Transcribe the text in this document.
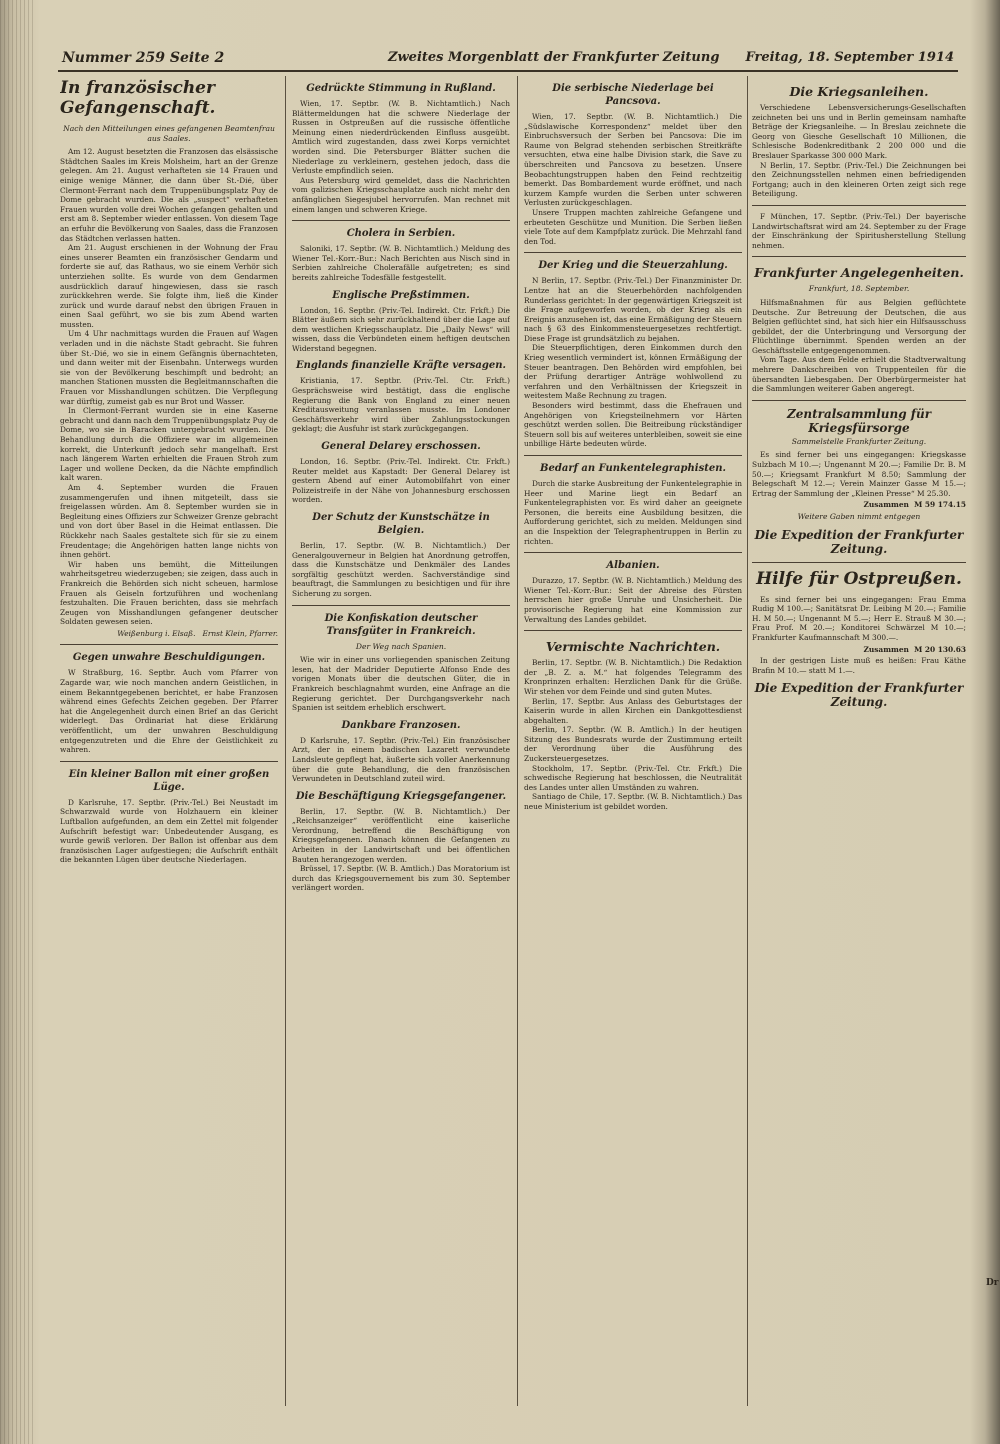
Nummer 259 Seite 2	Zweites Morgenblatt der Frankfurter Zeitung Freitag, 18. September 1914
In französischer Gefangenschaft.
Nach den Mitteilungen eines gefangenen Beamtenfrau aus Saales.

Am 12. August besetzten die Franzosen das elsässische Städtchen Saales im Kreis Molsheim, hart an der Grenze gelegen. Am 21. August verhafteten sie 14 Frauen und einige wenige Männer, die dann über St.-Dié, über Clermont-Ferrant nach dem Truppenübungsplatz Puy de Dome gebracht wurden. Die als „suspect“ verhafteten Frauen wurden volle drei Wochen gefangen gehalten und erst am 8. September wieder entlassen. Von diesem Tage an erfuhr die Bevölkerung von Saales, dass die Franzosen das Städtchen verlassen hatten.

Am 21. August erschienen in der Wohnung der Frau eines unserer Beamten ein französischer Gendarm und forderte sie auf, das Rathaus, wo sie einem Verhör sich unterziehen sollte. Es wurde von dem Gendarmen ausdrücklich darauf hingewiesen, dass sie rasch zurückkehren werde. Sie folgte ihm, ließ die Kinder zurück und wurde darauf nebst den übrigen Frauen in einen Saal geführt, wo sie bis zum Abend warten mussten.

Um 4 Uhr nachmittags wurden die Frauen auf Wagen verladen und in die nächste Stadt gebracht. Sie fuhren über St.-Dié, wo sie in einem Gefängnis übernachteten, und dann weiter mit der Eisenbahn. Unterwegs wurden sie von der Bevölkerung beschimpft und bedroht; an manchen Stationen mussten die Begleitmannschaften die Frauen vor Misshandlungen schützen. Die Verpflegung war dürftig, zumeist gab es nur Brot und Wasser.

In Clermont-Ferrant wurden sie in eine Kaserne gebracht und dann nach dem Truppenübungsplatz Puy de Dome, wo sie in Baracken untergebracht wurden. Die Behandlung durch die Offiziere war im allgemeinen korrekt, die Unterkunft jedoch sehr mangelhaft. Erst nach längerem Warten erhielten die Frauen Stroh zum Lager und wollene Decken, da die Nächte empfindlich kalt waren.

Am 4. September wurden die Frauen zusammengerufen und ihnen mitgeteilt, dass sie freigelassen würden. Am 8. September wurden sie in Begleitung eines Offiziers zur Schweizer Grenze gebracht und von dort über Basel in die Heimat entlassen. Die Rückkehr nach Saales gestaltete sich für sie zu einem Freudentage; die Angehörigen hatten lange nichts von ihnen gehört.

Wir haben uns bemüht, die Mitteilungen wahrheitsgetreu wiederzugeben; sie zeigen, dass auch in Frankreich die Behörden sich nicht scheuen, harmlose Frauen als Geiseln fortzuführen und wochenlang festzuhalten. Die Frauen berichten, dass sie mehrfach Zeugen von Misshandlungen gefangener deutscher Soldaten gewesen seien.

Weißenburg i. Elsaß. Ernst Klein, Pfarrer.
Gegen unwahre Beschuldigungen.

W Straßburg, 16. Septbr. Auch vom Pfarrer von Zagarde war, wie noch manchen andern Geistlichen, in einem Bekanntgegebenen berichtet, er habe Franzosen während eines Gefechts Zeichen gegeben. Der Pfarrer hat die Angelegenheit durch einen Brief an das Gericht widerlegt. Das Ordinariat hat diese Erklärung veröffentlicht, um der unwahren Beschuldigung entgegenzutreten und die Ehre der Geistlichkeit zu wahren.

Ein kleiner Ballon mit einer großen Lüge.

D Karlsruhe, 17. Septbr. (Priv.-Tel.) Bei Neustadt im Schwarzwald wurde von Holzhauern ein kleiner Luftballon aufgefunden, an dem ein Zettel mit folgender Aufschrift befestigt war: Unbedeutender Ausgang, es wurde gewiß verloren. Der Ballon ist offenbar aus dem französischen Lager aufgestiegen; die Aufschrift enthält die bekannten Lügen über deutsche Niederlagen.

Gedrückte Stimmung in Rußland.

Wien, 17. Septbr. (W. B. Nichtamtlich.) Nach Blättermeldungen hat die schwere Niederlage der Russen in Ostpreußen auf die russische öffentliche Meinung einen niederdrückenden Einfluss ausgeübt. Amtlich wird zugestanden, dass zwei Korps vernichtet worden sind. Die Petersburger Blätter suchen die Niederlage zu verkleinern, gestehen jedoch, dass die Verluste empfindlich seien.

Aus Petersburg wird gemeldet, dass die Nachrichten vom galizischen Kriegsschauplatze auch nicht mehr den anfänglichen Siegesjubel hervorrufen. Man rechnet mit einem langen und schweren Kriege.

Cholera in Serbien.

Saloniki, 17. Septbr. (W. B. Nichtamtlich.) Meldung des Wiener Tel.-Korr.-Bur.: Nach Berichten aus Nisch sind in Serbien zahlreiche Cholerafälle aufgetreten; es sind bereits zahlreiche Todesfälle festgestellt.

Englische Preßstimmen.

London, 16. Septbr. (Priv.-Tel. Indirekt. Ctr. Frkft.) Die Blätter äußern sich sehr zurückhaltend über die Lage auf dem westlichen Kriegsschauplatz. Die „Daily News“ will wissen, dass die Verbündeten einem heftigen deutschen Widerstand begegnen.

Englands finanzielle Kräfte versagen.

Kristiania, 17. Septbr. (Priv.-Tel. Ctr. Frkft.) Gesprächsweise wird bestätigt, dass die englische Regierung die Bank von England zu einer neuen Kreditausweitung veranlassen musste. Im Londoner Geschäftsverkehr wird über Zahlungsstockungen geklagt; die Ausfuhr ist stark zurückgegangen.

General Delarey erschossen.

London, 16. Septbr. (Priv.-Tel. Indirekt. Ctr. Frkft.) Reuter meldet aus Kapstadt: Der General Delarey ist gestern Abend auf einer Automobilfahrt von einer Polizeistreife in der Nähe von Johannesburg erschossen worden.

Der Schutz der Kunstschätze in Belgien.

Berlin, 17. Septbr. (W. B. Nichtamtlich.) Der Generalgouverneur in Belgien hat Anordnung getroffen, dass die Kunstschätze und Denkmäler des Landes sorgfältig geschützt werden. Sachverständige sind beauftragt, die Sammlungen zu besichtigen und für ihre Sicherung zu sorgen.

Die Konfiskation deutscher Transfgüter in Frankreich.
Der Weg nach Spanien.

Wie wir in einer uns vorliegenden spanischen Zeitung lesen, hat der Madrider Deputierte Alfonso Ende des vorigen Monats über die deutschen Güter, die in Frankreich beschlagnahmt wurden, eine Anfrage an die Regierung gerichtet. Der Durchgangsverkehr nach Spanien ist seitdem erheblich erschwert.

Dankbare Franzosen.

D Karlsruhe, 17. Septbr. (Priv.-Tel.) Ein französischer Arzt, der in einem badischen Lazarett verwundete Landsleute gepflegt hat, äußerte sich voller Anerkennung über die gute Behandlung, die den französischen Verwundeten in Deutschland zuteil wird.

Die Beschäftigung Kriegsgefangener.

Berlin, 17. Septbr. (W. B. Nichtamtlich.) Der „Reichsanzeiger“ veröffentlicht eine kaiserliche Verordnung, betreffend die Beschäftigung von Kriegsgefangenen. Danach können die Gefangenen zu Arbeiten in der Landwirtschaft und bei öffentlichen Bauten herangezogen werden.

Brüssel, 17. Septbr. (W. B. Amtlich.) Das Moratorium ist durch das Kriegsgouvernement bis zum 30. September verlängert worden.

Die serbische Niederlage bei Pancsova.

Wien, 17. Septbr. (W. B. Nichtamtlich.) Die „Südslawische Korrespondenz“ meldet über den Einbruchsversuch der Serben bei Pancsova: Die im Raume von Belgrad stehenden serbischen Streitkräfte versuchten, etwa eine halbe Division stark, die Save zu überschreiten und Pancsova zu besetzen. Unsere Beobachtungstruppen haben den Feind rechtzeitig bemerkt. Das Bombardement wurde eröffnet, und nach kurzem Kampfe wurden die Serben unter schweren Verlusten zurückgeschlagen.

Unsere Truppen machten zahlreiche Gefangene und erbeuteten Geschütze und Munition. Die Serben ließen viele Tote auf dem Kampfplatz zurück. Die Mehrzahl fand den Tod.

Der Krieg und die Steuerzahlung.

N Berlin, 17. Septbr. (Priv.-Tel.) Der Finanzminister Dr. Lentze hat an die Steuerbehörden nachfolgenden Runderlass gerichtet: In der gegenwärtigen Kriegszeit ist die Frage aufgeworfen worden, ob der Krieg als ein Ereignis anzusehen ist, das eine Ermäßigung der Steuern nach § 63 des Einkommensteuergesetzes rechtfertigt. Diese Frage ist grundsätzlich zu bejahen.

Die Steuerpflichtigen, deren Einkommen durch den Krieg wesentlich vermindert ist, können Ermäßigung der Steuer beantragen. Den Behörden wird empfohlen, bei der Prüfung derartiger Anträge wohlwollend zu verfahren und den Verhältnissen der Kriegszeit in weitestem Maße Rechnung zu tragen.

Besonders wird bestimmt, dass die Ehefrauen und Angehörigen von Kriegsteilnehmern vor Härten geschützt werden sollen. Die Beitreibung rückständiger Steuern soll bis auf weiteres unterbleiben, soweit sie eine unbillige Härte bedeuten würde.

Bedarf an Funkentelegraphisten.

Durch die starke Ausbreitung der Funkentelegraphie in Heer und Marine liegt ein Bedarf an Funkentelegraphisten vor. Es wird daher an geeignete Personen, die bereits eine Ausbildung besitzen, die Aufforderung gerichtet, sich zu melden. Meldungen sind an die Inspektion der Telegraphentruppen in Berlin zu richten.

Albanien.

Durazzo, 17. Septbr. (W. B. Nichtamtlich.) Meldung des Wiener Tel.-Korr.-Bur.: Seit der Abreise des Fürsten herrschen hier große Unruhe und Unsicherheit. Die provisorische Regierung hat eine Kommission zur Verwaltung des Landes gebildet.

Vermischte Nachrichten.

Berlin, 17. Septbr. (W. B. Nichtamtlich.) Die Redaktion der „B. Z. a. M.“ hat folgendes Telegramm des Kronprinzen erhalten: Herzlichen Dank für die Grüße. Wir stehen vor dem Feinde und sind guten Mutes.

Berlin, 17. Septbr. Aus Anlass des Geburtstages der Kaiserin wurde in allen Kirchen ein Dankgottesdienst abgehalten.

Berlin, 17. Septbr. (W. B. Amtlich.) In der heutigen Sitzung des Bundesrats wurde der Zustimmung erteilt der Verordnung über die Ausführung des Zuckersteuergesetzes.

Stockholm, 17. Septbr. (Priv.-Tel. Ctr. Frkft.) Die schwedische Regierung hat beschlossen, die Neutralität des Landes unter allen Umständen zu wahren.

Santiago de Chile, 17. Septbr. (W. B. Nichtamtlich.) Das neue Ministerium ist gebildet worden.

Die Kriegsanleihen.

Verschiedene Lebensversicherungs-Gesellschaften zeichneten bei uns und in Berlin gemeinsam namhafte Beträge der Kriegsanleihe. — In Breslau zeichnete die Georg von Giesche Gesellschaft 10 Millionen, die Schlesische Bodenkreditbank 2 200 000 und die Breslauer Sparkasse 300 000 Mark.

N Berlin, 17. Septbr. (Priv.-Tel.) Die Zeichnungen bei den Zeichnungsstellen nehmen einen befriedigenden Fortgang; auch in den kleineren Orten zeigt sich rege Beteiligung.

F München, 17. Septbr. (Priv.-Tel.) Der bayerische Landwirtschaftsrat wird am 24. September zu der Frage der Einschränkung der Spiritusherstellung Stellung nehmen.

Frankfurter Angelegenheiten.
Frankfurt, 18. September.

Hilfsmaßnahmen für aus Belgien geflüchtete Deutsche. Zur Betreuung der Deutschen, die aus Belgien geflüchtet sind, hat sich hier ein Hilfsausschuss gebildet, der die Unterbringung und Versorgung der Flüchtlinge übernimmt. Spenden werden an der Geschäftsstelle entgegengenommen.

Vom Tage. Aus dem Felde erhielt die Stadtverwaltung mehrere Dankschreiben von Truppenteilen für die übersandten Liebesgaben. Der Oberbürgermeister hat die Sammlungen weiterer Gaben angeregt.

Zentralsammlung für Kriegsfürsorge
Sammelstelle Frankfurter Zeitung.

Es sind ferner bei uns eingegangen: Kriegskasse Sulzbach M 10.—; Ungenannt M 20.—; Familie Dr. B. M 50.—; Kriegsamt Frankfurt M 8.50; Sammlung der Belegschaft M 12.—; Verein Mainzer Gasse M 15.—; Ertrag der Sammlung der „Kleinen Presse“ M 25.30.

Zusammen M 59 174.15
Weitere Gaben nimmt entgegen
Die Expedition der Frankfurter Zeitung.
Hilfe für Ostpreußen.

Es sind ferner bei uns eingegangen: Frau Emma Rudig M 100.—; Sanitätsrat Dr. Leibing M 20.—; Familie H. M 50.—; Ungenannt M 5.—; Herr E. Strauß M 30.—; Frau Prof. M 20.—; Konditorei Schwärzel M 10.—; Frankfurter Kaufmannschaft M 300.—.

Zusammen M 20 130.63

In der gestrigen Liste muß es heißen: Frau Käthe Brafin M 10.— statt M 1.—.

Die Expedition der Frankfurter Zeitung.
Dr
